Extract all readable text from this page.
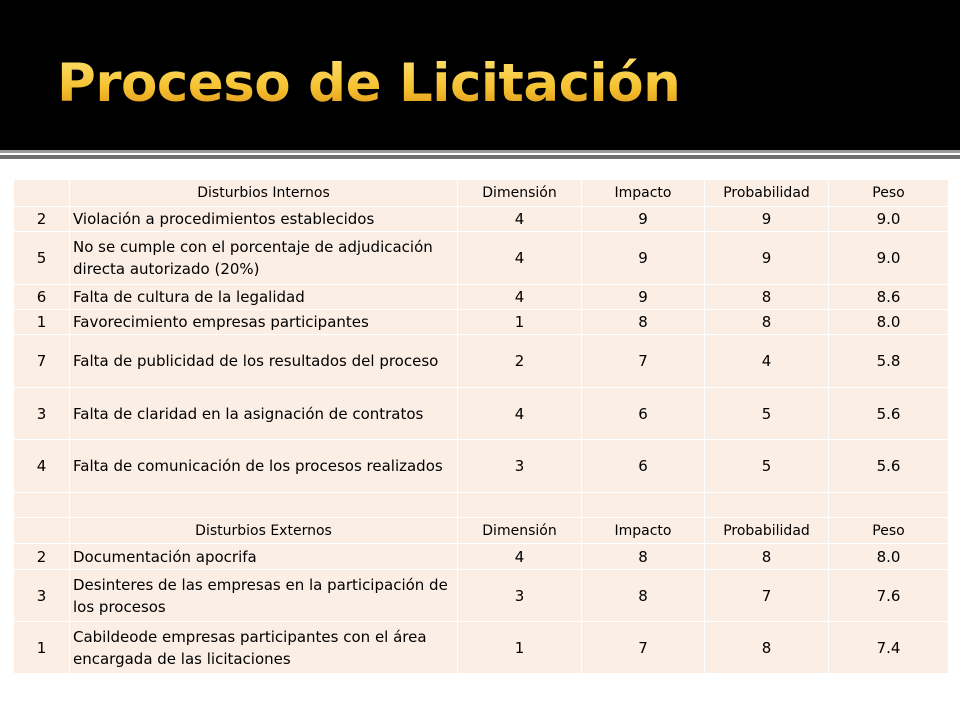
Proceso de Licitación
	Disturbios Internos	Dimensión	Impacto	Probabilidad	Peso
2	Violación a procedimientos establecidos	4	9	9	9.0
5	No se cumple con el porcentaje de adjudicación directa autorizado (20%)	4	9	9	9.0
6	Falta de cultura de la legalidad	4	9	8	8.6
1	Favorecimiento empresas participantes	1	8	8	8.0
7	Falta de publicidad de los resultados del proceso	2	7	4	5.8
3	Falta de claridad en la asignación de contratos	4	6	5	5.6
4	Falta de comunicación de los procesos realizados	3	6	5	5.6

	Disturbios Externos	Dimensión	Impacto	Probabilidad	Peso
2	Documentación apocrifa	4	8	8	8.0
3	Desinteres de las empresas en la participación de los procesos	3	8	7	7.6
1	Cabildeode empresas participantes con el área encargada de las licitaciones	1	7	8	7.4
